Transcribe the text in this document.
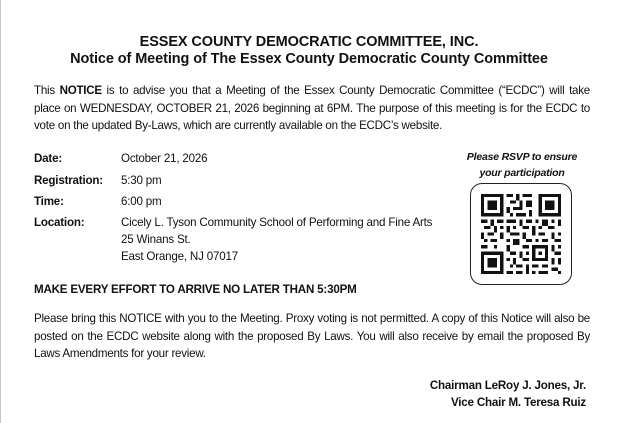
ESSEX COUNTY DEMOCRATIC COMMITTEE, INC.
Notice of Meeting of The Essex County Democratic County Committee
This NOTICE is to advise you that a Meeting of the Essex County Democratic Committee (“ECDC”) will take place on WEDNESDAY, OCTOBER 21, 2026 beginning at 6PM. The purpose of this meeting is for the ECDC to vote on the updated By-Laws, which are currently available on the ECDC’s website.
Date:	October 21, 2026
Registration:	5:30 pm
Time:	6:00 pm
Location:	Cicely L. Tyson Community School of Performing and Fine Arts
25 Winans St.
East Orange, NJ 07017
Please RSVP to ensure
your participation
MAKE EVERY EFFORT TO ARRIVE NO LATER THAN 5:30PM
Please bring this NOTICE with you to the Meeting. Proxy voting is not permitted. A copy of this Notice will also be posted on the ECDC website along with the proposed By Laws. You will also receive by email the proposed By Laws Amendments for your review.
Chairman LeRoy J. Jones, Jr.
Vice Chair M. Teresa Ruiz
